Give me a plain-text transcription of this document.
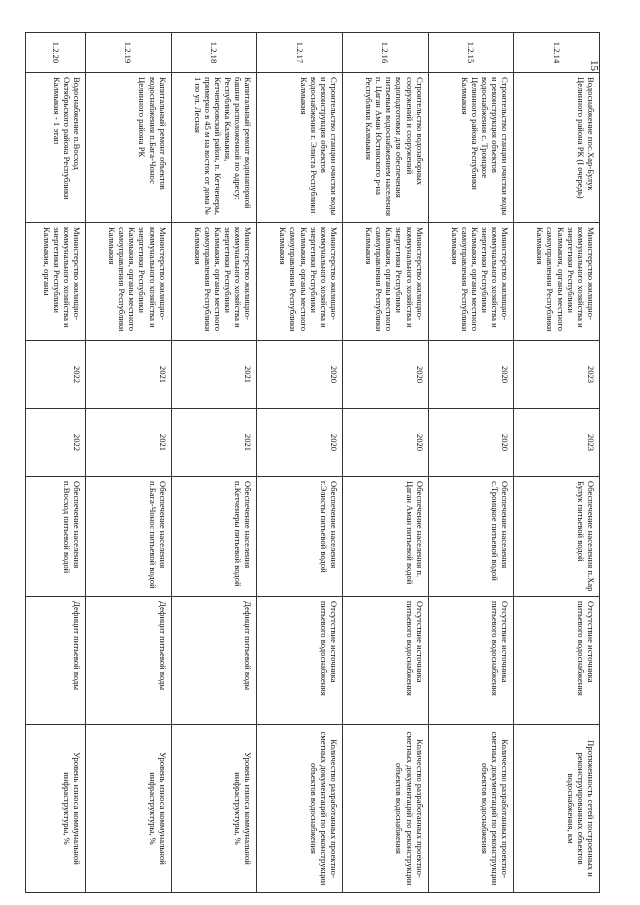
15
1.2.14	Водоснабжение пос.Хар-Булук Целинного района РК (I очередь)	Министерство жилищно-коммунального хозяйства и энергетики Республики Калмыкия, органы местного самоуправления Республики Калмыкия	2023	2023	Обеспечение населения п.Хар Булук питьевой водой	Отсутствие источника питьевого водоснабжения	Протяженность сетей построенных и реконструированных объектов водоснабжения, км
1.2.15	Строительство станции очистки воды и реконструкция объектов водоснабжения с. Троицкое Целинного района Республики Калмыкия	Министерство жилищно-коммунального хозяйства и энергетики Республики Калмыкия, органы местного самоуправления Республики Калмыкия	2020	2020	Обеспечение населения с.Троицкое питьевой водой	Отсутствие источника питьевого водоснабжения	Количество разработанных проектно-сметных документаций по реконструкции объектов водоснабжения
1.2.16	Строительство водозаборных сооружений и сооружений водоподготовки для обеспечения питьевым водоснабжением населения п. Цаган Аман Юстинского р-на Республики Калмыкия	Министерство жилищно-коммунального хозяйства и энергетики Республики Калмыкия, органы местного самоуправления Республики Калмыкия	2020	2020	Обеспечение населения п. Цаган Аман питьевой водой	Отсутствие источника питьевого водоснабжения	Количество разработанных проектно-сметных документаций по реконструкции объектов водоснабжения
1.2.17	Строительство станции очистки воды и реконструкция объектов водоснабжения г. Элиста Республики Калмыкия	Министерство жилищно-коммунального хозяйства и энергетики Республики Калмыкия, органы местного самоуправления Республики Калмыкия	2020	2020	Обеспечение населения г.Элисты питьевой водой	Отсутствие источника питьевого водоснабжения	Количество разработанных проектно-сметных документаций по реконструкции объектов водоснабжения
1.2.18	Капитальный ремонт водонапорной башни расположенной по адресу: Республика Калмыкия, Кетченеровский район, п. Кетченеры, примерно в 45 м на восток от дома № 1 по ул. Лесная	Министерство жилищно-коммунального хозяйства и энергетики Республики Калмыкия, органы местного самоуправления Республики Калмыкия	2021	2021	Обеспечение населения п.Кетченеры питьевой водой	Дефицит питьевой воды	Уровень износа коммунальной инфраструктуры, %
1.2.19	Капитальный ремонт объектов водоснабжения п.Бага-Чонос Целинного района РК	Министерство жилищно-коммунального хозяйства и энергетики Республики Калмыкия, органы местного самоуправления Республики Калмыкия	2021	2021	Обеспечение населения п.Бага-Чонос питьевой водой	Дефицит питьевой воды	Уровень износа коммунальной инфраструктуры, %
1.2.20	Водоснабжение п.Восход Октябрьского района Республики Калмыкия - 1 этап	Министерство жилищно-коммунального хозяйства и энергетики Республики Калмыкия, органы	2022	2022	Обеспечение населения п.Восход питьевой водой	Дефицит питьевой воды	Уровень износа коммунальной инфраструктуры, %
